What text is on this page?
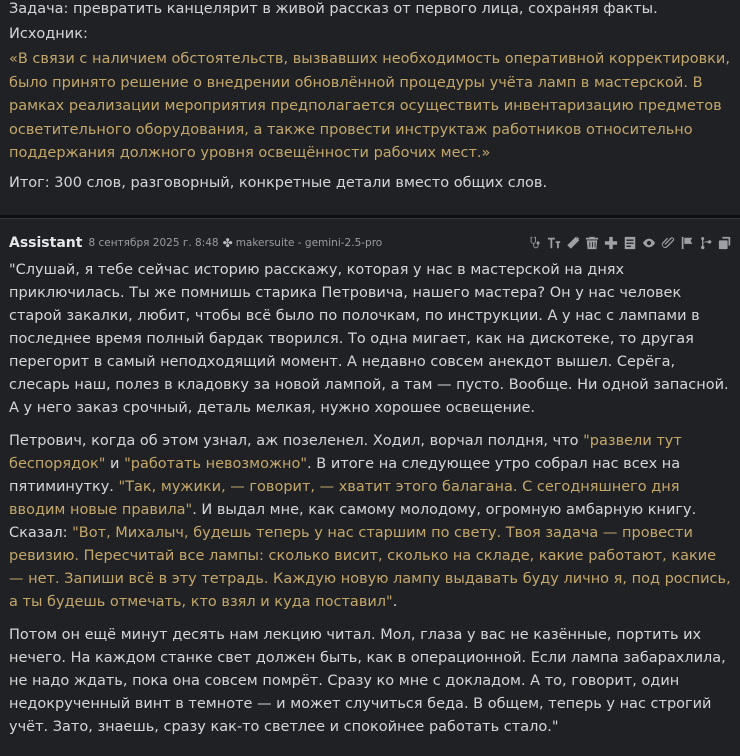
Задача: превратить канцелярит в живой рассказ от первого лица, сохраняя факты.

Исходник:

«В связи с наличием обстоятельств, вызвавших необходимость оперативной корректировки, было принято решение о внедрении обновлённой процедуры учёта ламп в мастерской. В рамках реализации мероприятия предполагается осуществить инвентаризацию предметов осветительного оборудования, а также провести инструктаж работников относительно поддержания должного уровня освещённости рабочих мест.»

Итог: 300 слов, разговорный, конкретные детали вместо общих слов.

Assistant 8 сентября 2025 г. 8:48 ✤ makersuite - gemini-2.5-pro

"Слушай, я тебе сейчас историю расскажу, которая у нас в мастерской на днях приключилась. Ты же помнишь старика Петровича, нашего мастера? Он у нас человек старой закалки, любит, чтобы всё было по полочкам, по инструкции. А у нас с лампами в последнее время полный бардак творился. То одна мигает, как на дискотеке, то другая перегорит в самый неподходящий момент. А недавно совсем анекдот вышел. Серёга, слесарь наш, полез в кладовку за новой лампой, а там — пусто. Вообще. Ни одной запасной. А у него заказ срочный, деталь мелкая, нужно хорошее освещение.

Петрович, когда об этом узнал, аж позеленел. Ходил, ворчал полдня, что "развели тут беспорядок" и "работать невозможно". В итоге на следующее утро собрал нас всех на пятиминутку. "Так, мужики, — говорит, — хватит этого балагана. С сегодняшнего дня вводим новые правила". И выдал мне, как самому молодому, огромную амбарную книгу. Сказал: "Вот, Михалыч, будешь теперь у нас старшим по свету. Твоя задача — провести ревизию. Пересчитай все лампы: сколько висит, сколько на складе, какие работают, какие — нет. Запиши всё в эту тетрадь. Каждую новую лампу выдавать буду лично я, под роспись, а ты будешь отмечать, кто взял и куда поставил".

Потом он ещё минут десять нам лекцию читал. Мол, глаза у вас не казённые, портить их нечего. На каждом станке свет должен быть, как в операционной. Если лампа забарахлила, не надо ждать, пока она совсем помрёт. Сразу ко мне с докладом. А то, говорит, один недокрученный винт в темноте — и может случиться беда. В общем, теперь у нас строгий учёт. Зато, знаешь, сразу как-то светлее и спокойнее работать стало."
